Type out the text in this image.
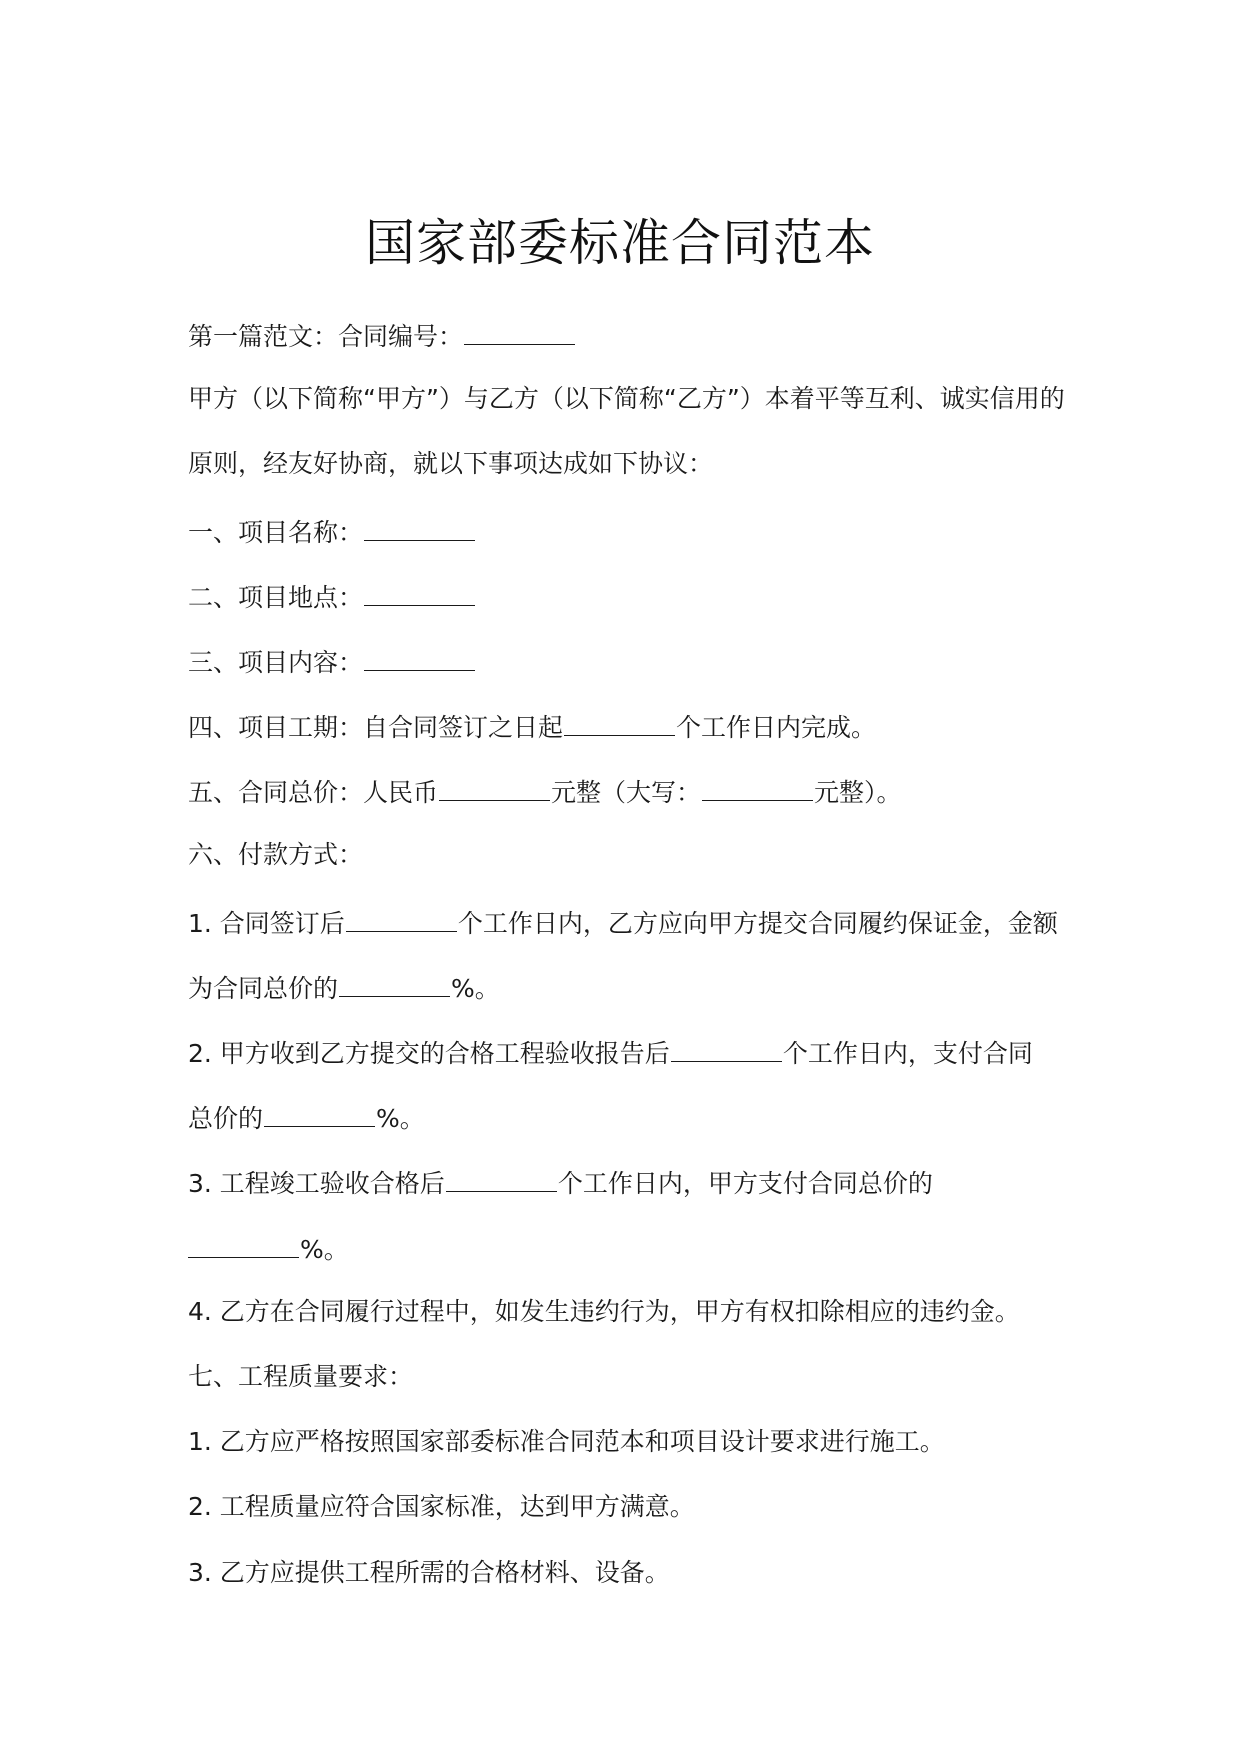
国家部委标准合同范本
第一篇范文：合同编号：
甲方（以下简称“甲方”）与乙方（以下简称“乙方”）本着平等互利、诚实信用的
原则，经友好协商，就以下事项达成如下协议：
一、项目名称：
二、项目地点：
三、项目内容：
四、项目工期：自合同签订之日起	个工作日内完成。
五、合同总价：人民币	元整（大写：	元整）。
六、付款方式：
1. 合同签订后	个工作日内，乙方应向甲方提交合同履约保证金，金额
为合同总价的	%。
2. 甲方收到乙方提交的合格工程验收报告后	个工作日内，支付合同
总价的	%。
3. 工程竣工验收合格后	个工作日内，甲方支付合同总价的
%。
4. 乙方在合同履行过程中，如发生违约行为，甲方有权扣除相应的违约金。
七、工程质量要求：
1. 乙方应严格按照国家部委标准合同范本和项目设计要求进行施工。
2. 工程质量应符合国家标准，达到甲方满意。
3. 乙方应提供工程所需的合格材料、设备。
